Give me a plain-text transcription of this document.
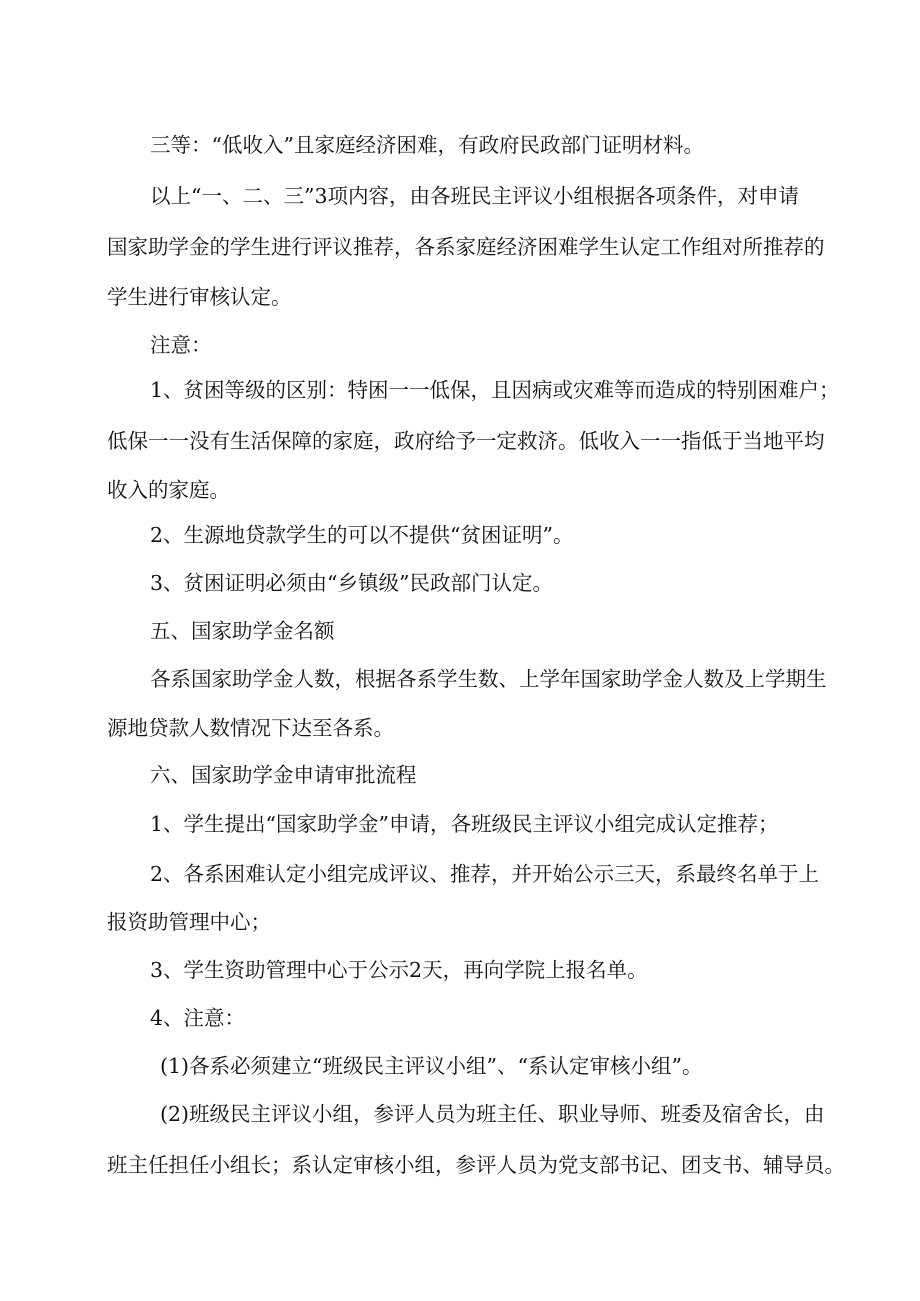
三等：“低收入”且家庭经济困难，有政府民政部门证明材料。
以上“一、二、三”3项内容，由各班民主评议小组根据各项条件，对申请
国家助学金的学生进行评议推荐，各系家庭经济困难学生认定工作组对所推荐的
学生进行审核认定。
注意：
1、贫困等级的区别：特困一一低保，且因病或灾难等而造成的特别困难户；
低保一一没有生活保障的家庭，政府给予一定救济。低收入一一指低于当地平均
收入的家庭。
2、生源地贷款学生的可以不提供“贫困证明”。
3、贫困证明必须由“乡镇级”民政部门认定。
五、国家助学金名额
各系国家助学金人数，根据各系学生数、上学年国家助学金人数及上学期生
源地贷款人数情况下达至各系。
六、国家助学金申请审批流程
1、学生提出“国家助学金”申请，各班级民主评议小组完成认定推荐；
2、各系困难认定小组完成评议、推荐，并开始公示三天，系最终名单于上
报资助管理中心；
3、学生资助管理中心于公示2天，再向学院上报名单。
4、注意：
(1)各系必须建立“班级民主评议小组”、“系认定审核小组”。
(2)班级民主评议小组，参评人员为班主任、职业导师、班委及宿舍长，由
班主任担任小组长；系认定审核小组，参评人员为党支部书记、团支书、辅导员。
